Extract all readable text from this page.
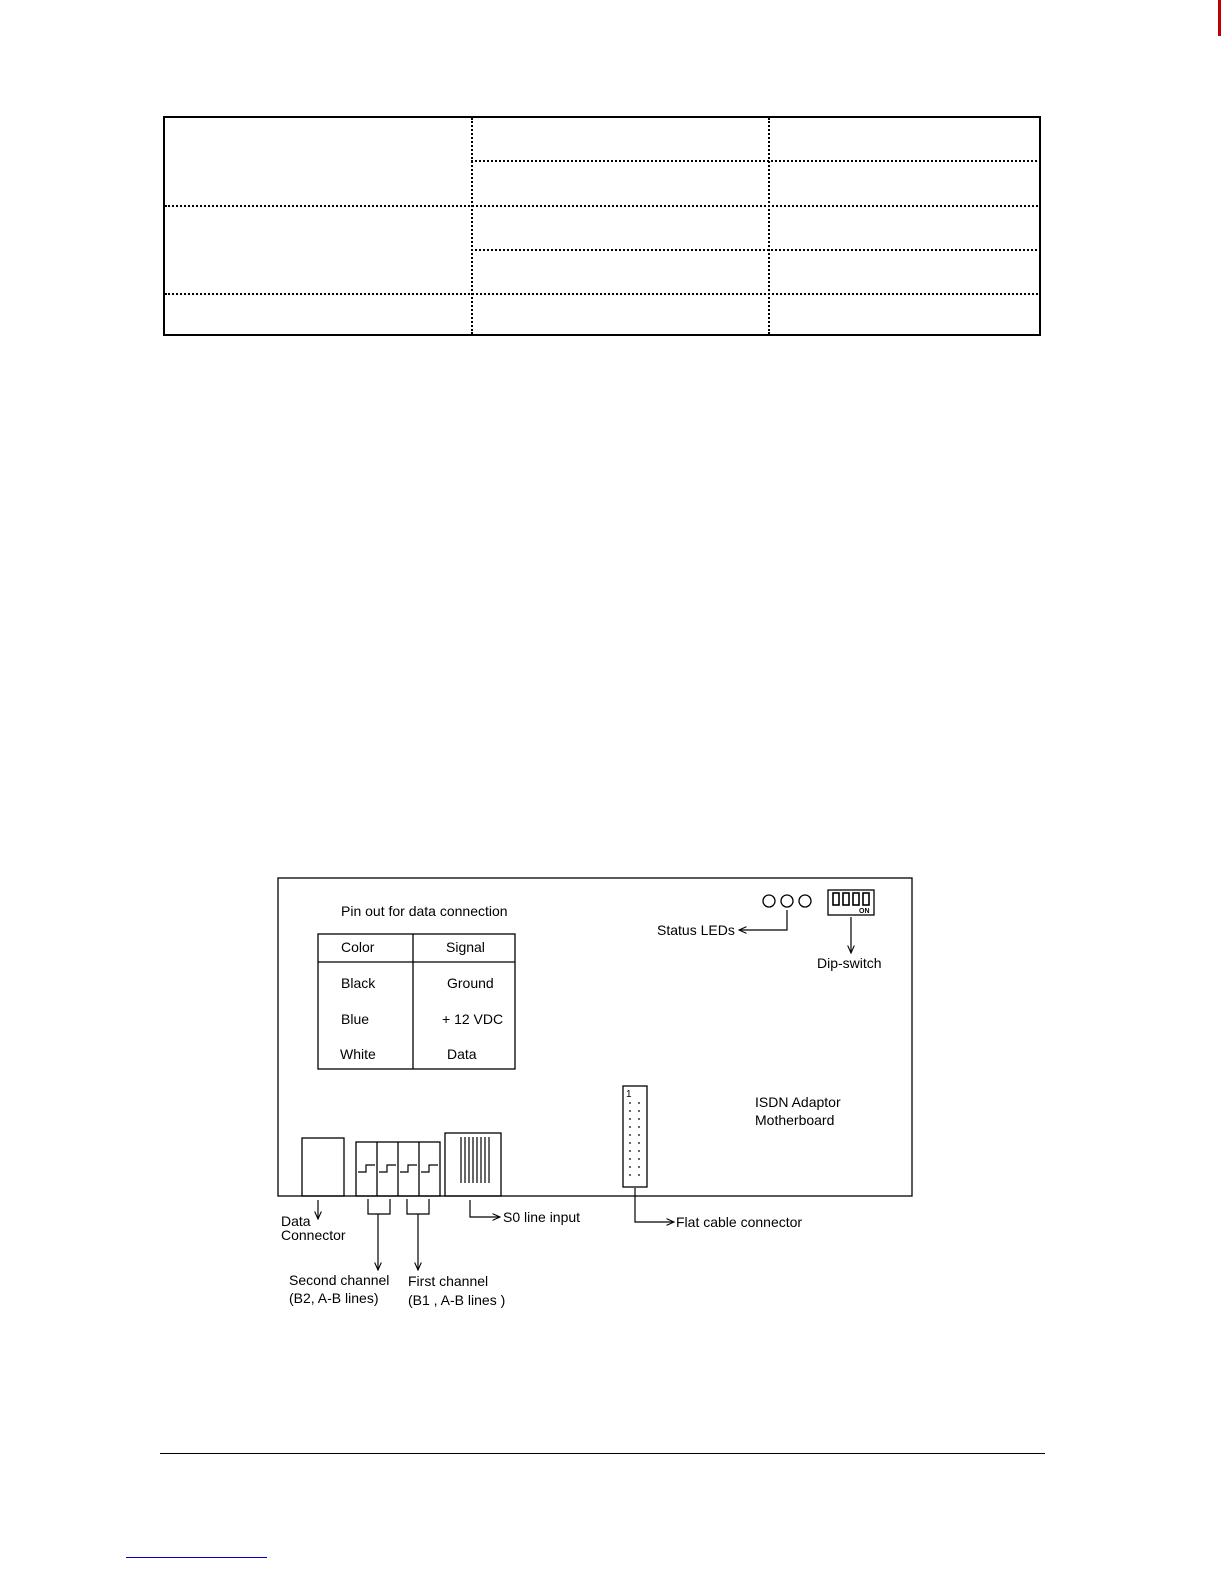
Pin out for data connection
Color	Signal
Black	Ground
Blue	+ 12 VDC
White	Data
Status LEDs
ON
Dip-switch
ISDN Adaptor
Motherboard
1
Flat cable connector
Data
Connector
Second channel
(B2, A-B lines)
First channel
(B1 , A-B lines )
S0 line input
